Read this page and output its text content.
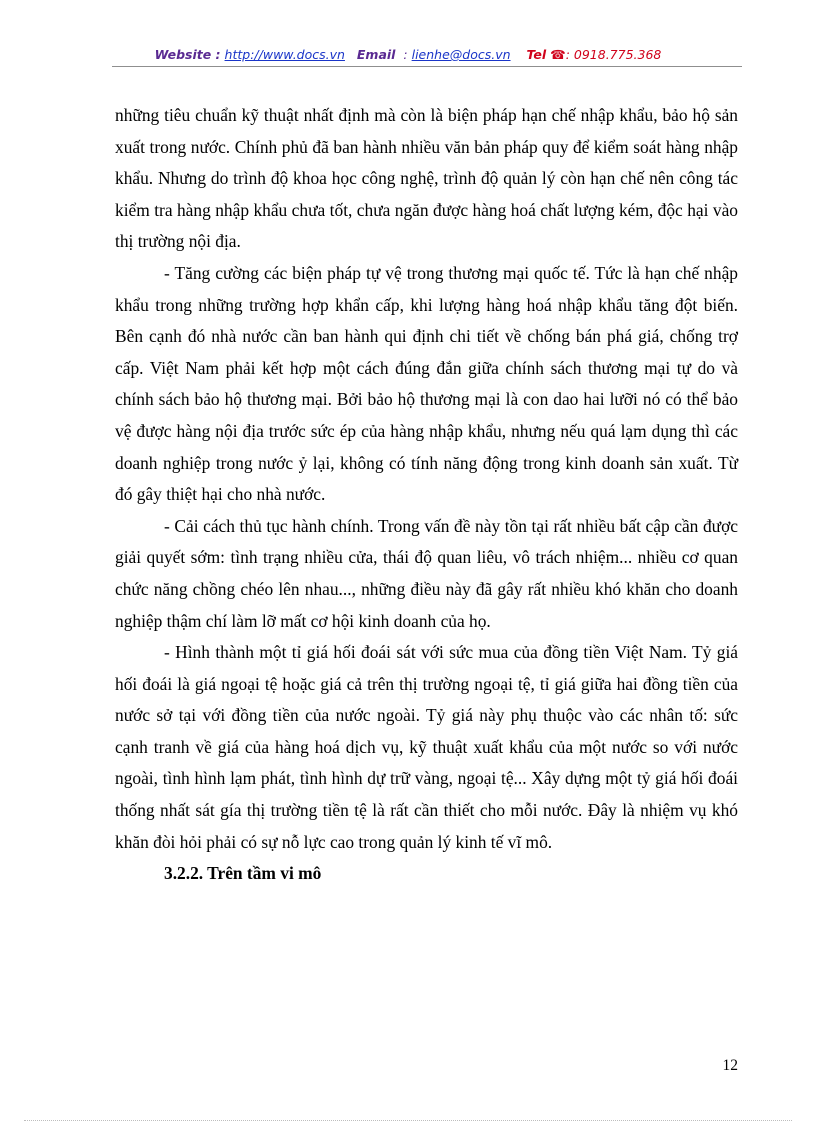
Website : http://www.docs.vn Email : lienhe@docs.vn Tel ☎: 0918.775.368

những tiêu chuẩn kỹ thuật nhất định mà còn là biện pháp hạn chế nhập khẩu, bảo hộ sản xuất trong nước. Chính phủ đã ban hành nhiều văn bản pháp quy để kiểm soát hàng nhập khẩu. Nhưng do trình độ khoa học công nghệ, trình độ quản lý còn hạn chế nên công tác kiểm tra hàng nhập khẩu chưa tốt, chưa ngăn được hàng hoá chất lượng kém, độc hại vào thị trường nội địa.

- Tăng cường các biện pháp tự vệ trong thương mại quốc tế. Tức là hạn chế nhập khẩu trong những trường hợp khẩn cấp, khi lượng hàng hoá nhập khẩu tăng đột biến. Bên cạnh đó nhà nước cần ban hành qui định chi tiết về chống bán phá giá, chống trợ cấp. Việt Nam phải kết hợp một cách đúng đắn giữa chính sách thương mại tự do và chính sách bảo hộ thương mại. Bởi bảo hộ thương mại là con dao hai lưỡi nó có thể bảo vệ được hàng nội địa trước sức ép của hàng nhập khẩu, nhưng nếu quá lạm dụng thì các doanh nghiệp trong nước ỷ lại, không có tính năng động trong kinh doanh sản xuất. Từ đó gây thiệt hại cho nhà nước.

- Cải cách thủ tục hành chính. Trong vấn đề này tồn tại rất nhiều bất cập cần được giải quyết sớm: tình trạng nhiều cửa, thái độ quan liêu, vô trách nhiệm... nhiều cơ quan chức năng chồng chéo lên nhau..., những điều này đã gây rất nhiều khó khăn cho doanh nghiệp thậm chí làm lỡ mất cơ hội kinh doanh của họ.

- Hình thành một tỉ giá hối đoái sát với sức mua của đồng tiền Việt Nam. Tỷ giá hối đoái là giá ngoại tệ hoặc giá cả trên thị trường ngoại tệ, tỉ giá giữa hai đồng tiền của nước sở tại với đồng tiền của nước ngoài. Tỷ giá này phụ thuộc vào các nhân tố: sức cạnh tranh về giá của hàng hoá dịch vụ, kỹ thuật xuất khẩu của một nước so với nước ngoài, tình hình lạm phát, tình hình dự trữ vàng, ngoại tệ... Xây dựng một tỷ giá hối đoái thống nhất sát gía thị trường tiền tệ là rất cần thiết cho mỗi nước. Đây là nhiệm vụ khó khăn đòi hỏi phải có sự nỗ lực cao trong quản lý kinh tế vĩ mô.

3.2.2. Trên tầm vi mô

12
